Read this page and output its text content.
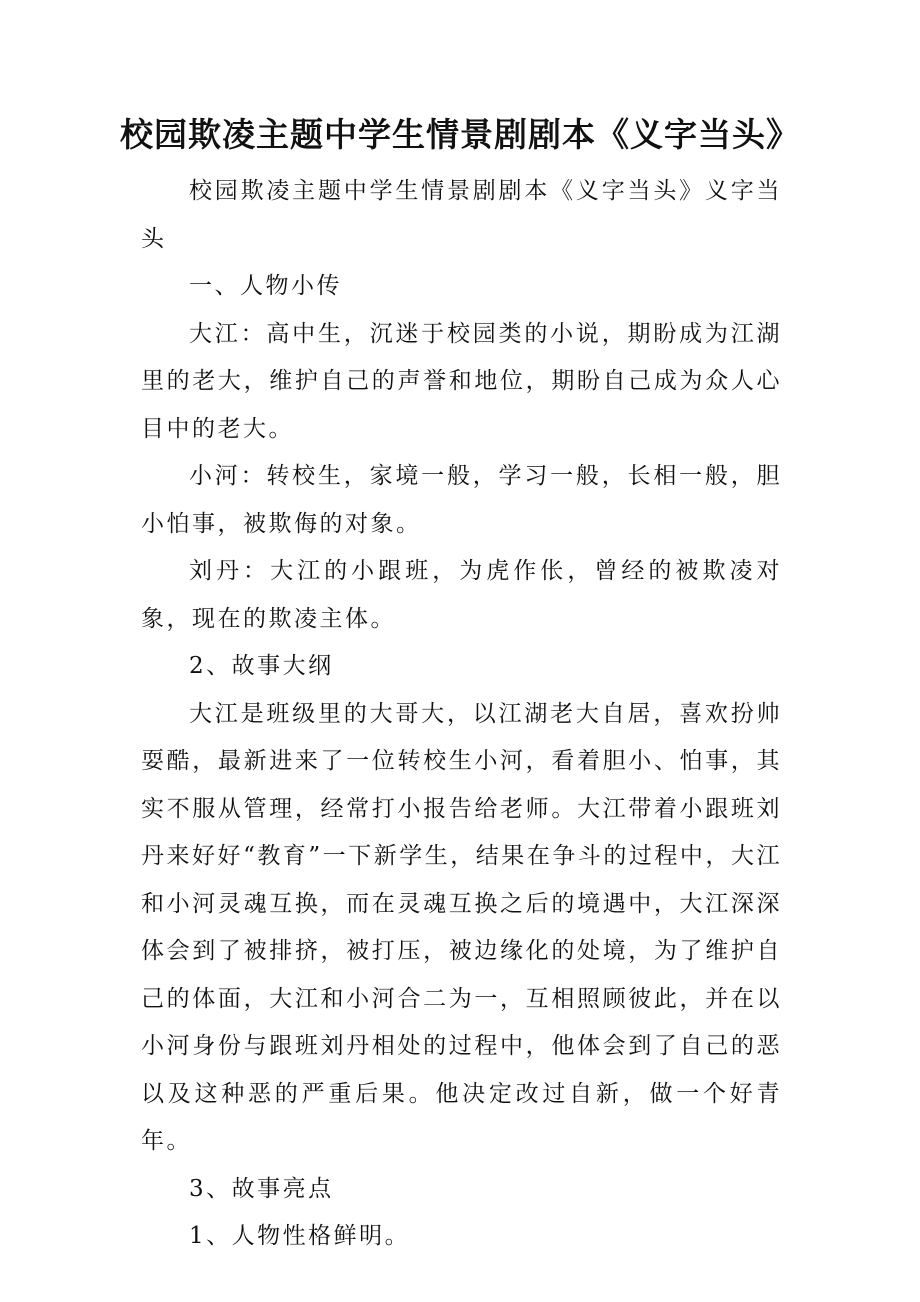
校园欺凌主题中学生情景剧剧本《义字当头》

校园欺凌主题中学生情景剧剧本《义字当头》义字当头

一、人物小传

大江：高中生，沉迷于校园类的小说，期盼成为江湖里的老大，维护自己的声誉和地位，期盼自己成为众人心目中的老大。

小河：转校生，家境一般，学习一般，长相一般，胆小怕事，被欺侮的对象。

刘丹：大江的小跟班，为虎作伥，曾经的被欺凌对象，现在的欺凌主体。

2、故事大纲

大江是班级里的大哥大，以江湖老大自居，喜欢扮帅耍酷，最新进来了一位转校生小河，看着胆小、怕事，其实不服从管理，经常打小报告给老师。大江带着小跟班刘丹来好好“教育”一下新学生，结果在争斗的过程中，大江和小河灵魂互换，而在灵魂互换之后的境遇中，大江深深体会到了被排挤，被打压，被边缘化的处境，为了维护自己的体面，大江和小河合二为一，互相照顾彼此，并在以小河身份与跟班刘丹相处的过程中，他体会到了自己的恶以及这种恶的严重后果。他决定改过自新，做一个好青年。

3、故事亮点

1、人物性格鲜明。
